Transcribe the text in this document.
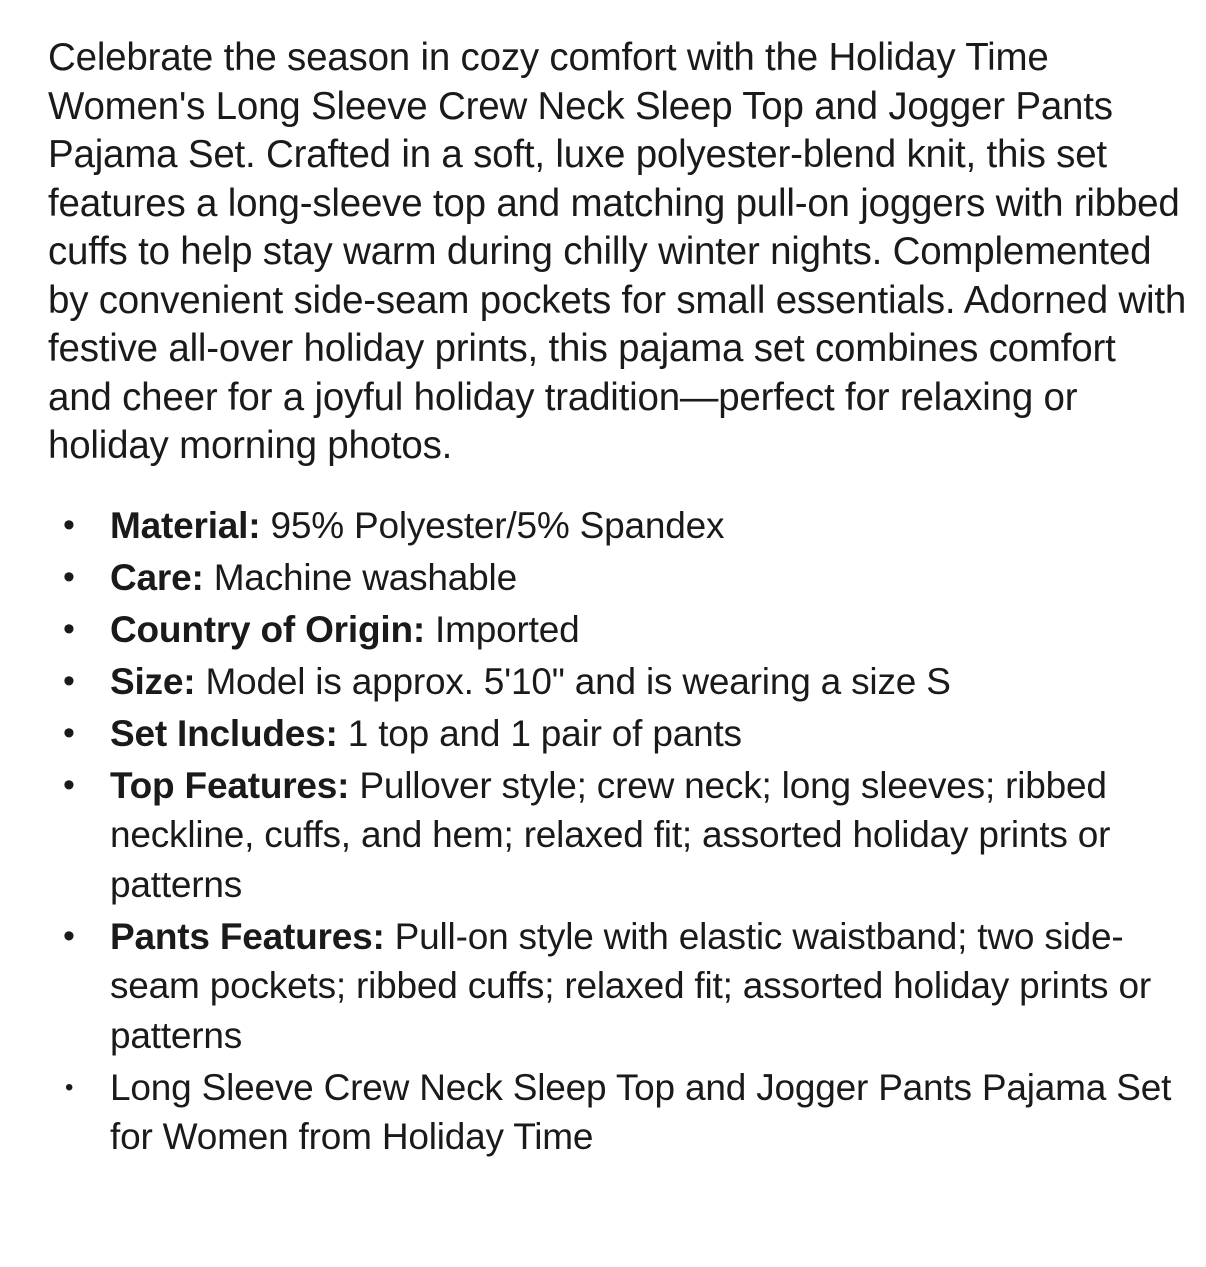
Celebrate the season in cozy comfort with the Holiday Time Women's Long Sleeve Crew Neck Sleep Top and Jogger Pants Pajama Set. Crafted in a soft, luxe polyester-blend knit, this set features a long-sleeve top and matching pull-on joggers with ribbed cuffs to help stay warm during chilly winter nights. Complemented by convenient side-seam pockets for small essentials. Adorned with festive all-over holiday prints, this pajama set combines comfort and cheer for a joyful holiday tradition—perfect for relaxing or holiday morning photos.

• Material: 95% Polyester/5% Spandex
• Care: Machine washable
• Country of Origin: Imported
• Size: Model is approx. 5'10" and is wearing a size S
• Set Includes: 1 top and 1 pair of pants
• Top Features: Pullover style; crew neck; long sleeves; ribbed neckline, cuffs, and hem; relaxed fit; assorted holiday prints or patterns
• Pants Features: Pull-on style with elastic waistband; two side-seam pockets; ribbed cuffs; relaxed fit; assorted holiday prints or patterns
• Long Sleeve Crew Neck Sleep Top and Jogger Pants Pajama Set for Women from Holiday Time
